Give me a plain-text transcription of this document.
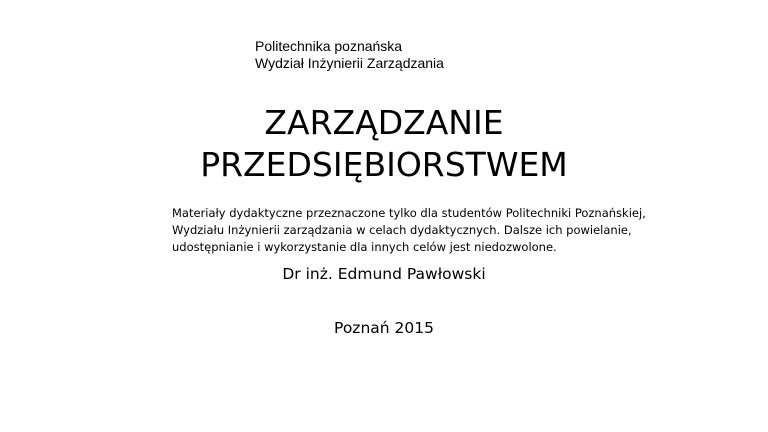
Politechnika poznańska
Wydział Inżynierii Zarządzania
ZARZĄDZANIE
PRZEDSIĘBIORSTWEM
Materiały dydaktyczne przeznaczone tylko dla studentów Politechniki Poznańskiej,
Wydziału Inżynierii zarządzania w celach dydaktycznych. Dalsze ich powielanie,
udostępnianie i wykorzystanie dla innych celów jest niedozwolone.
Dr inż. Edmund Pawłowski
Poznań 2015
